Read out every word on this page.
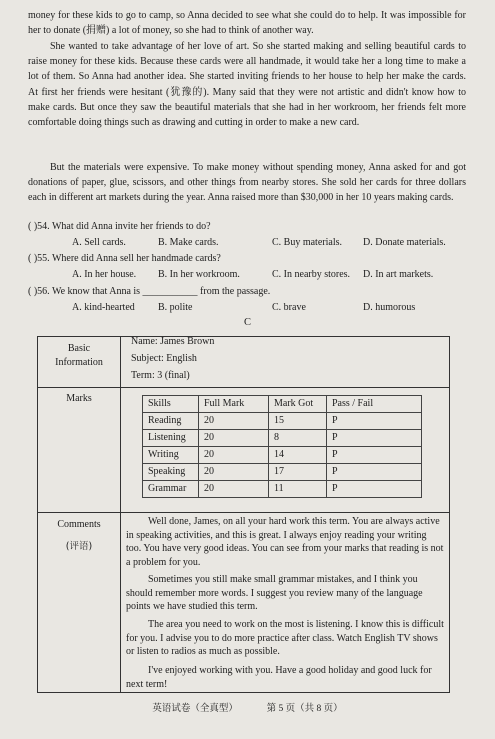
money for these kids to go to camp, so Anna decided to see what she could do to help. It was impossible for her to donate (捐赠) a lot of money, so she had to think of another way.

She wanted to take advantage of her love of art. So she started making and selling beautiful cards to raise money for these kids. Because these cards were all handmade, it would take her a long time to make a lot of them. So Anna had another idea. She started inviting friends to her house to help her make the cards. At first her friends were hesitant (犹豫的). Many said that they were not artistic and didn't know how to make cards. But once they saw the beautiful materials that she had in her workroom, her friends felt more comfortable doing things such as drawing and cutting in order to make a new card.

But the materials were expensive. To make money without spending money, Anna asked for and got donations of paper, glue, scissors, and other things from nearby stores. She sold her cards for three dollars each in different art markets during the year. Anna raised more than $30,000 in her 10 years making cards.

( )54. What did Anna invite her friends to do?

A. Sell cards.	B. Make cards.	C. Buy materials. D. Donate materials.

( )55. Where did Anna sell her handmade cards?

A. In her house. B. In her workroom.	C. In nearby stores. D. In art markets.

( )56. We know that Anna is ___________ from the passage.

A. kind-hearted B. polite	C. brave	D. humorous
C
Basic
Information
Name: James Brown
Subject: English
Term: 3 (final)
Marks	Skills	Full Mark	Mark Got	Pass / Fail
Reading	20	15	P
Listening	20	8	P
Writing	20	14	P
Speaking	20	17	P
Grammar	20	11	P
Comments
(评语)

Well done, James, on all your hard work this term. You are always active in speaking activities, and this is great. I always enjoy reading your writing too. You have very good ideas. You can see from your marks that reading is not a problem for you.

Sometimes you still make small grammar mistakes, and I think you should remember more words. I suggest you review many of the language points we have studied this term.

The area you need to work on the most is listening. I know this is difficult for you. I advise you to do more practice after class. Watch English TV shows or listen to radios as much as possible.

I've enjoyed working with you. Have a good holiday and good luck for next term!

英语试卷（全真型）	第 5 页（共 8 页）
